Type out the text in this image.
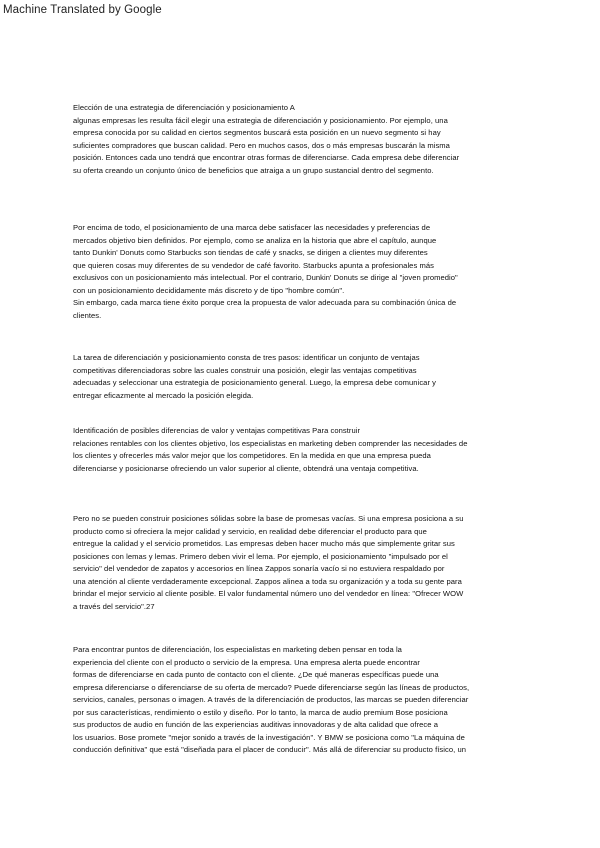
Machine Translated by Google
Elección de una estrategia de diferenciación y posicionamiento A
algunas empresas les resulta fácil elegir una estrategia de diferenciación y posicionamiento. Por ejemplo, una
empresa conocida por su calidad en ciertos segmentos buscará esta posición en un nuevo segmento si hay
suficientes compradores que buscan calidad. Pero en muchos casos, dos o más empresas buscarán la misma
posición. Entonces cada uno tendrá que encontrar otras formas de diferenciarse. Cada empresa debe diferenciar
su oferta creando un conjunto único de beneficios que atraiga a un grupo sustancial dentro del segmento.
Por encima de todo, el posicionamiento de una marca debe satisfacer las necesidades y preferencias de
mercados objetivo bien definidos. Por ejemplo, como se analiza en la historia que abre el capítulo, aunque
tanto Dunkin' Donuts como Starbucks son tiendas de café y snacks, se dirigen a clientes muy diferentes
que quieren cosas muy diferentes de su vendedor de café favorito. Starbucks apunta a profesionales más
exclusivos con un posicionamiento más intelectual. Por el contrario, Dunkin' Donuts se dirige al "joven promedio"
con un posicionamiento decididamente más discreto y de tipo "hombre común".
Sin embargo, cada marca tiene éxito porque crea la propuesta de valor adecuada para su combinación única de
clientes.
La tarea de diferenciación y posicionamiento consta de tres pasos: identificar un conjunto de ventajas
competitivas diferenciadoras sobre las cuales construir una posición, elegir las ventajas competitivas
adecuadas y seleccionar una estrategia de posicionamiento general. Luego, la empresa debe comunicar y
entregar eficazmente al mercado la posición elegida.
Identificación de posibles diferencias de valor y ventajas competitivas Para construir
relaciones rentables con los clientes objetivo, los especialistas en marketing deben comprender las necesidades de
los clientes y ofrecerles más valor mejor que los competidores. En la medida en que una empresa pueda
diferenciarse y posicionarse ofreciendo un valor superior al cliente, obtendrá una ventaja competitiva.
Pero no se pueden construir posiciones sólidas sobre la base de promesas vacías. Si una empresa posiciona a su
producto como si ofreciera la mejor calidad y servicio, en realidad debe diferenciar el producto para que
entregue la calidad y el servicio prometidos. Las empresas deben hacer mucho más que simplemente gritar sus
posiciones con lemas y lemas. Primero deben vivir el lema. Por ejemplo, el posicionamiento "impulsado por el
servicio" del vendedor de zapatos y accesorios en línea Zappos sonaría vacío si no estuviera respaldado por
una atención al cliente verdaderamente excepcional. Zappos alinea a toda su organización y a toda su gente para
brindar el mejor servicio al cliente posible. El valor fundamental número uno del vendedor en línea: "Ofrecer WOW
a través del servicio".27
Para encontrar puntos de diferenciación, los especialistas en marketing deben pensar en toda la
experiencia del cliente con el producto o servicio de la empresa. Una empresa alerta puede encontrar
formas de diferenciarse en cada punto de contacto con el cliente. ¿De qué maneras específicas puede una
empresa diferenciarse o diferenciarse de su oferta de mercado? Puede diferenciarse según las líneas de productos,
servicios, canales, personas o imagen. A través de la diferenciación de productos, las marcas se pueden diferenciar
por sus características, rendimiento o estilo y diseño. Por lo tanto, la marca de audio premium Bose posiciona
sus productos de audio en función de las experiencias auditivas innovadoras y de alta calidad que ofrece a
los usuarios. Bose promete "mejor sonido a través de la investigación". Y BMW se posiciona como "La máquina de
conducción definitiva" que está "diseñada para el placer de conducir". Más allá de diferenciar su producto físico, un
